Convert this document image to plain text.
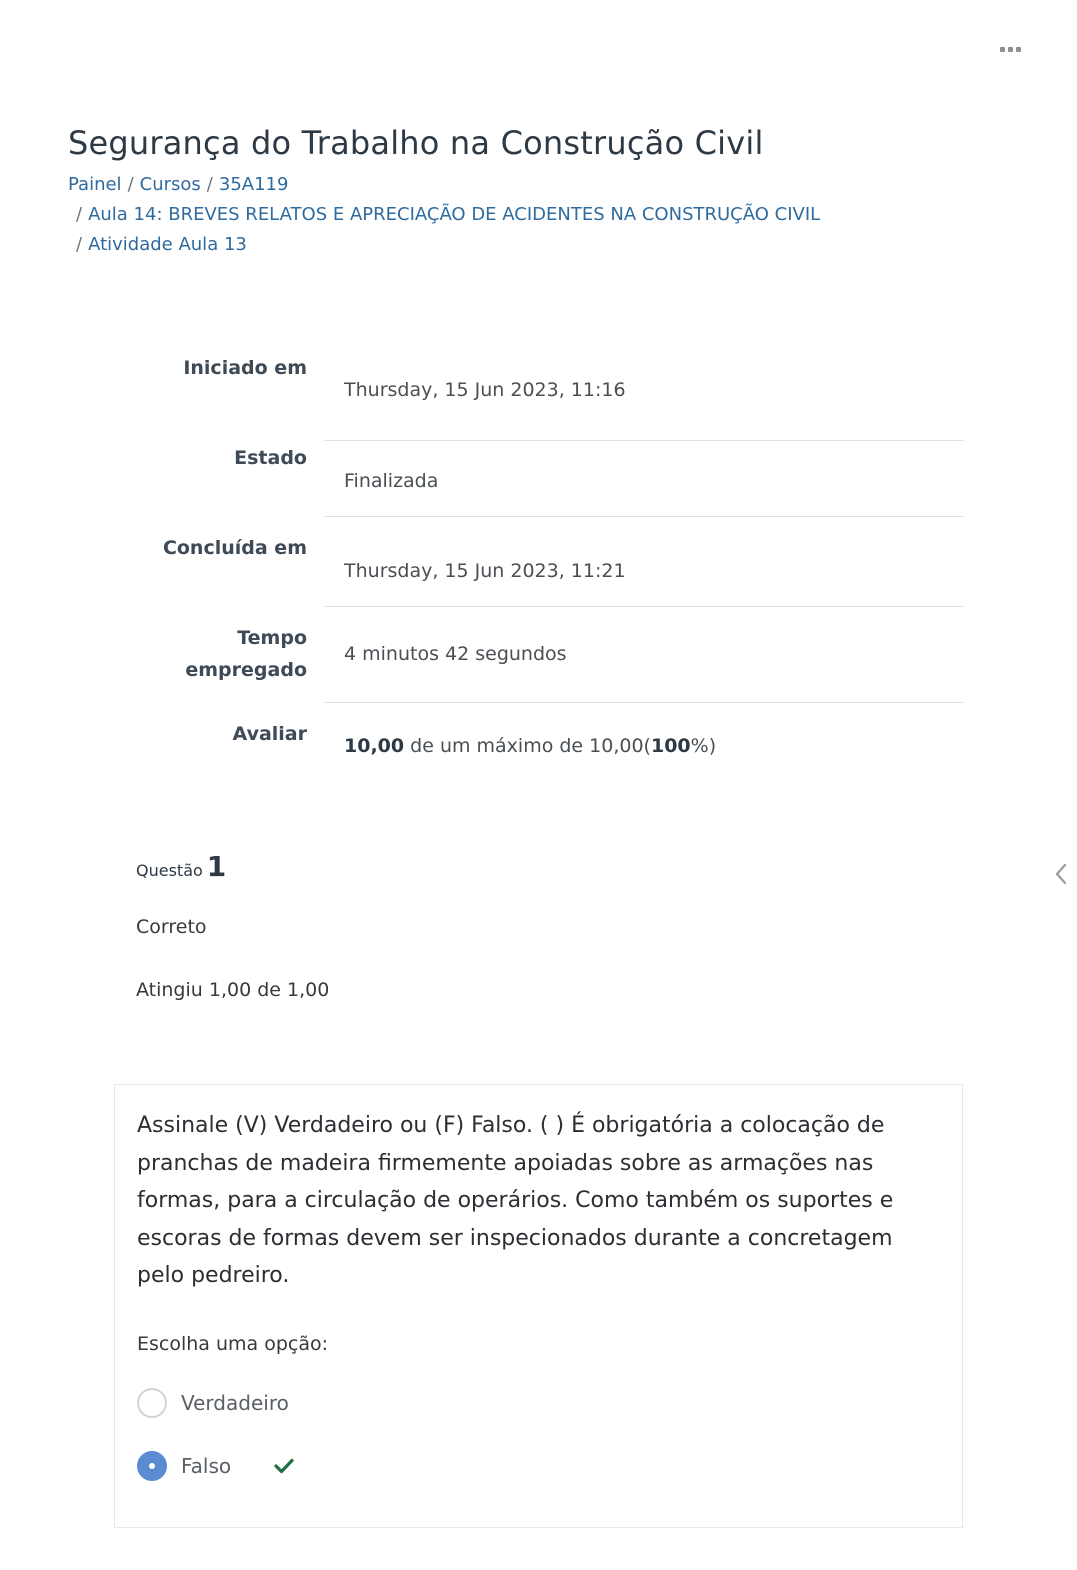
Segurança do Trabalho na Construção Civil
Painel / Cursos / 35A119
/ Aula 14: BREVES RELATOS E APRECIAÇÃO DE ACIDENTES NA CONSTRUÇÃO CIVIL
/ Atividade Aula 13
Iniciado em
Thursday, 15 Jun 2023, 11:16
Estado
Finalizada
Concluída em
Thursday, 15 Jun 2023, 11:21
Tempo
empregado
4 minutos 42 segundos
Avaliar
10,00 de um máximo de 10,00(100%)
Questão 1
Correto
Atingiu 1,00 de 1,00

Assinale (V) Verdadeiro ou (F) Falso. ( ) É obrigatória a colocação de pranchas de madeira firmemente apoiadas sobre as armações nas formas, para a circulação de operários. Como também os suportes e escoras de formas devem ser inspecionados durante a concretagem pelo pedreiro.

Escolha uma opção:
Verdadeiro
Falso
